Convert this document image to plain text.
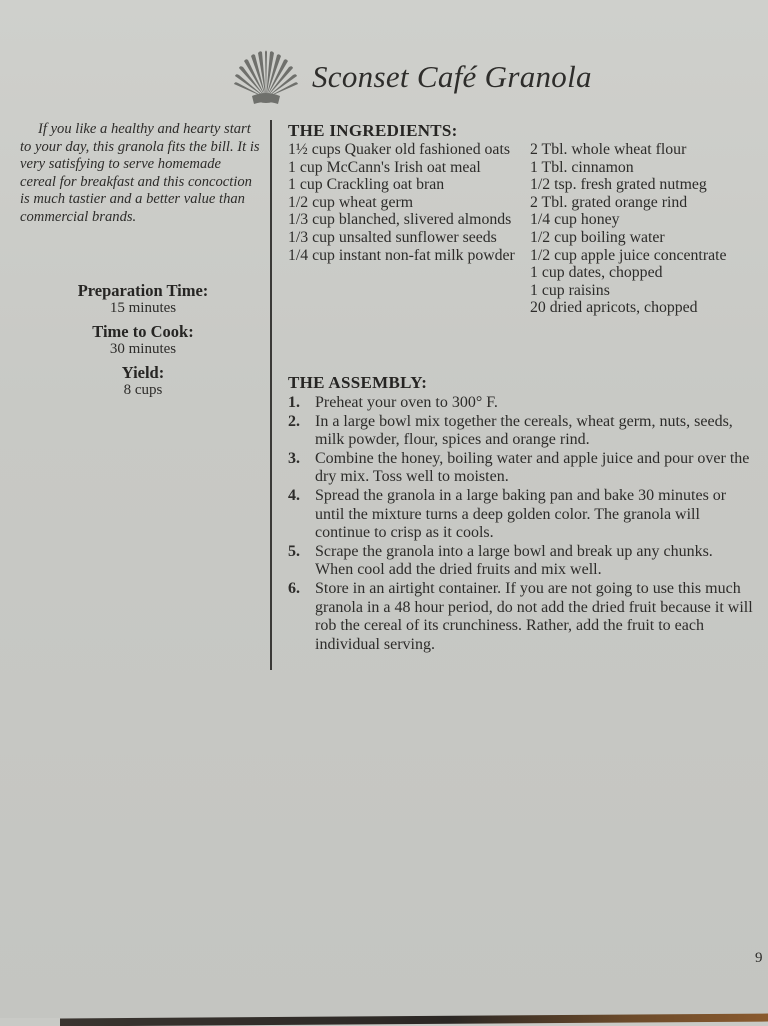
Sconset Café Granola

If you like a healthy and hearty start to your day, this granola fits the bill. It is very satisfying to serve homemade cereal for breakfast and this concoction is much tastier and a better value than commercial brands.

Preparation Time:
15 minutes
Time to Cook:
30 minutes
Yield:
8 cups
THE INGREDIENTS:
1½ cups Quaker old fashioned oats
1 cup McCann's Irish oat meal
1 cup Crackling oat bran
1/2 cup wheat germ
1/3 cup blanched, slivered almonds
1/3 cup unsalted sunflower seeds
1/4 cup instant non-fat milk powder
2 Tbl. whole wheat flour
1 Tbl. cinnamon
1/2 tsp. fresh grated nutmeg
2 Tbl. grated orange rind
1/4 cup honey
1/2 cup boiling water
1/2 cup apple juice concentrate
1 cup dates, chopped
1 cup raisins
20 dried apricots, chopped
THE ASSEMBLY:
1. Preheat your oven to 300° F.
2. In a large bowl mix together the cereals, wheat germ, nuts, seeds, milk powder, flour, spices and orange rind.
3. Combine the honey, boiling water and apple juice and pour over the dry mix. Toss well to moisten.
4. Spread the granola in a large baking pan and bake 30 minutes or until the mixture turns a deep golden color. The granola will continue to crisp as it cools.
5. Scrape the granola into a large bowl and break up any chunks. When cool add the dried fruits and mix well.
6. Store in an airtight container. If you are not going to use this much granola in a 48 hour period, do not add the dried fruit because it will rob the cereal of its crunchiness. Rather, add the fruit to each individual serving.
9
